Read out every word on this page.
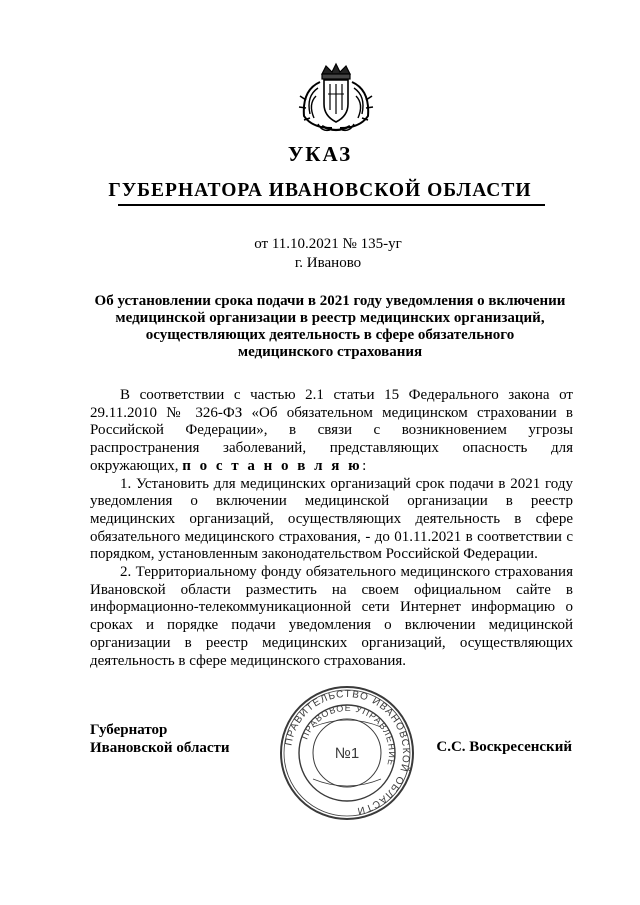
УКАЗ
ГУБЕРНАТОРА ИВАНОВСКОЙ ОБЛАСТИ
от 11.10.2021 № 135-уг
г. Иваново
Об установлении срока подачи в 2021 году уведомления о включении
медицинской организации в реестр медицинских организаций,
осуществляющих деятельность в сфере обязательного
медицинского страхования

В соответствии с частью 2.1 статьи 15 Федерального закона от 29.11.2010 № 326-ФЗ «Об обязательном медицинском страховании в Российской Федерации», в связи с возникновением угрозы распространения заболеваний, представляющих опасность для окружающих, п о с т а н о в л я ю:

1. Установить для медицинских организаций срок подачи в 2021 году уведомления о включении медицинской организации в реестр медицинских организаций, осуществляющих деятельность в сфере обязательного медицинского страхования, - до 01.11.2021 в соответствии с порядком, установленным законодательством Российской Федерации.

2. Территориальному фонду обязательного медицинского страхования Ивановской области разместить на своем официальном сайте в информационно-телекоммуникационной сети Интернет информацию о сроках и порядке подачи уведомления о включении медицинской организации в реестр медицинских организаций, осуществляющих деятельность в сфере медицинского страхования.

Губернатор
Ивановской области	С.С. Воскресенский
ПРАВИТЕЛЬСТВО ИВАНОВСКОЙ ОБЛАСТИ
ПРАВОВОЕ УПРАВЛЕНИЕ
№1
